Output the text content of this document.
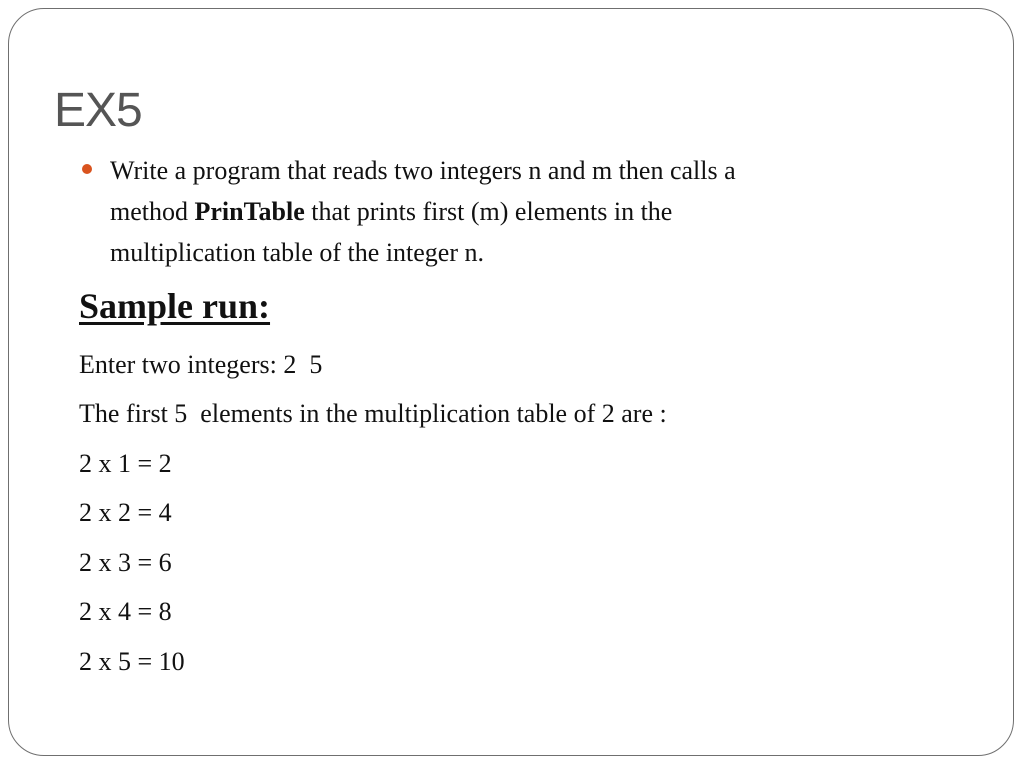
EX5
Write a program that reads two integers n and m then calls a
method PrinTable that prints first (m) elements in the
multiplication table of the integer n.
Sample run:
Enter two integers: 2  5
The first 5  elements in the multiplication table of 2 are :
2 x 1 = 2
2 x 2 = 4
2 x 3 = 6
2 x 4 = 8
2 x 5 = 10
